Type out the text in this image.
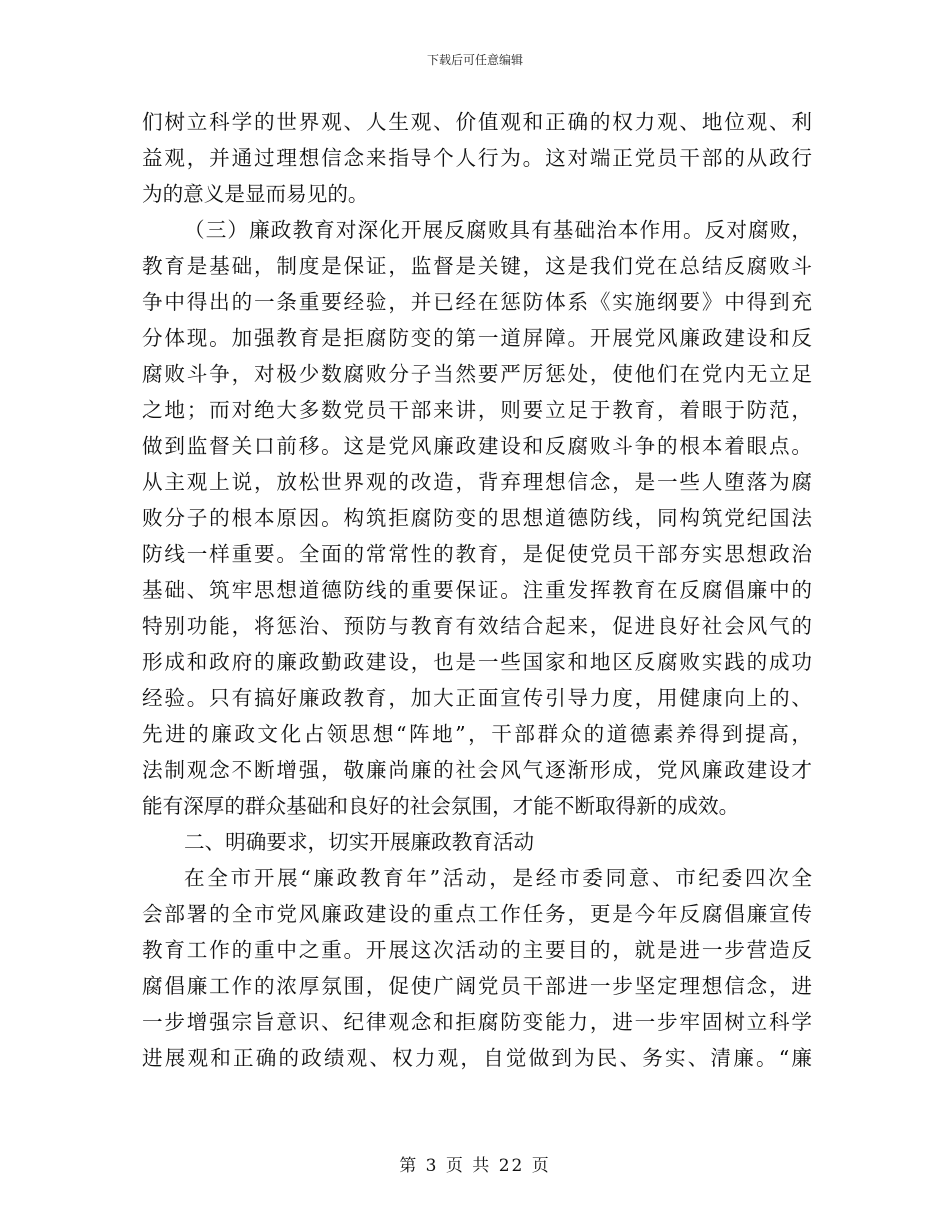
下载后可任意编辑
们树立科学的世界观、人生观、价值观和正确的权力观、地位观、利
益观，并通过理想信念来指导个人行为。这对端正党员干部的从政行
为的意义是显而易见的。
（三）廉政教育对深化开展反腐败具有基础治本作用。反对腐败，
教育是基础，制度是保证，监督是关键，这是我们党在总结反腐败斗
争中得出的一条重要经验，并已经在惩防体系《实施纲要》中得到充
分体现。加强教育是拒腐防变的第一道屏障。开展党风廉政建设和反
腐败斗争，对极少数腐败分子当然要严厉惩处，使他们在党内无立足
之地；而对绝大多数党员干部来讲，则要立足于教育，着眼于防范，
做到监督关口前移。这是党风廉政建设和反腐败斗争的根本着眼点。
从主观上说，放松世界观的改造，背弃理想信念，是一些人堕落为腐
败分子的根本原因。构筑拒腐防变的思想道德防线，同构筑党纪国法
防线一样重要。全面的常常性的教育，是促使党员干部夯实思想政治
基础、筑牢思想道德防线的重要保证。注重发挥教育在反腐倡廉中的
特别功能，将惩治、预防与教育有效结合起来，促进良好社会风气的
形成和政府的廉政勤政建设，也是一些国家和地区反腐败实践的成功
经验。只有搞好廉政教育，加大正面宣传引导力度，用健康向上的、
先进的廉政文化占领思想“阵地”，干部群众的道德素养得到提高，
法制观念不断增强，敬廉尚廉的社会风气逐渐形成，党风廉政建设才
能有深厚的群众基础和良好的社会氛围，才能不断取得新的成效。
二、明确要求，切实开展廉政教育活动
在全市开展“廉政教育年”活动，是经市委同意、市纪委四次全
会部署的全市党风廉政建设的重点工作任务，更是今年反腐倡廉宣传
教育工作的重中之重。开展这次活动的主要目的，就是进一步营造反
腐倡廉工作的浓厚氛围，促使广阔党员干部进一步坚定理想信念，进
一步增强宗旨意识、纪律观念和拒腐防变能力，进一步牢固树立科学
进展观和正确的政绩观、权力观，自觉做到为民、务实、清廉。“廉
第 3 页 共 22 页
